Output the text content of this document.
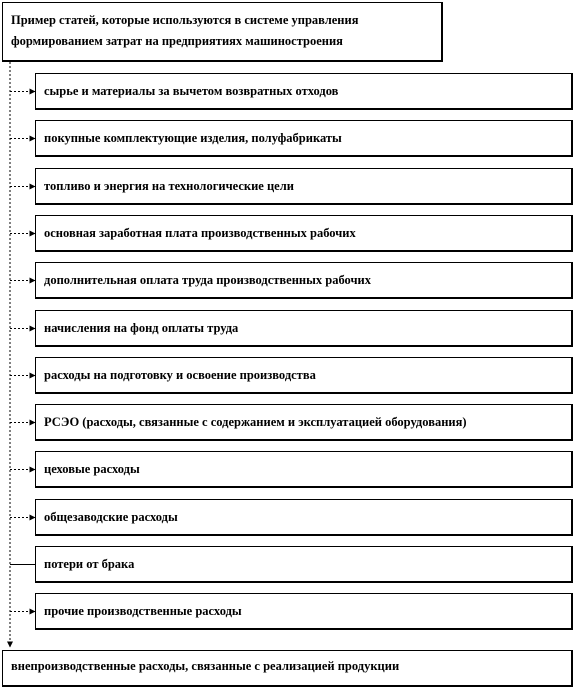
Пример статей, которые используются в системе управления формированием затрат на предприятиях машиностроения
сырье и материалы за вычетом возвратных отходов
покупные комплектующие изделия, полуфабрикаты
топливо и энергия на технологические цели
основная заработная плата производственных рабочих
дополнительная оплата труда производственных рабочих
начисления на фонд оплаты труда
расходы на подготовку и освоение производства
РСЭО (расходы, связанные с содержанием и эксплуатацией оборудования)
цеховые расходы
общезаводские расходы
потери от брака
прочие производственные расходы
внепроизводственные расходы, связанные с реализацией продукции
